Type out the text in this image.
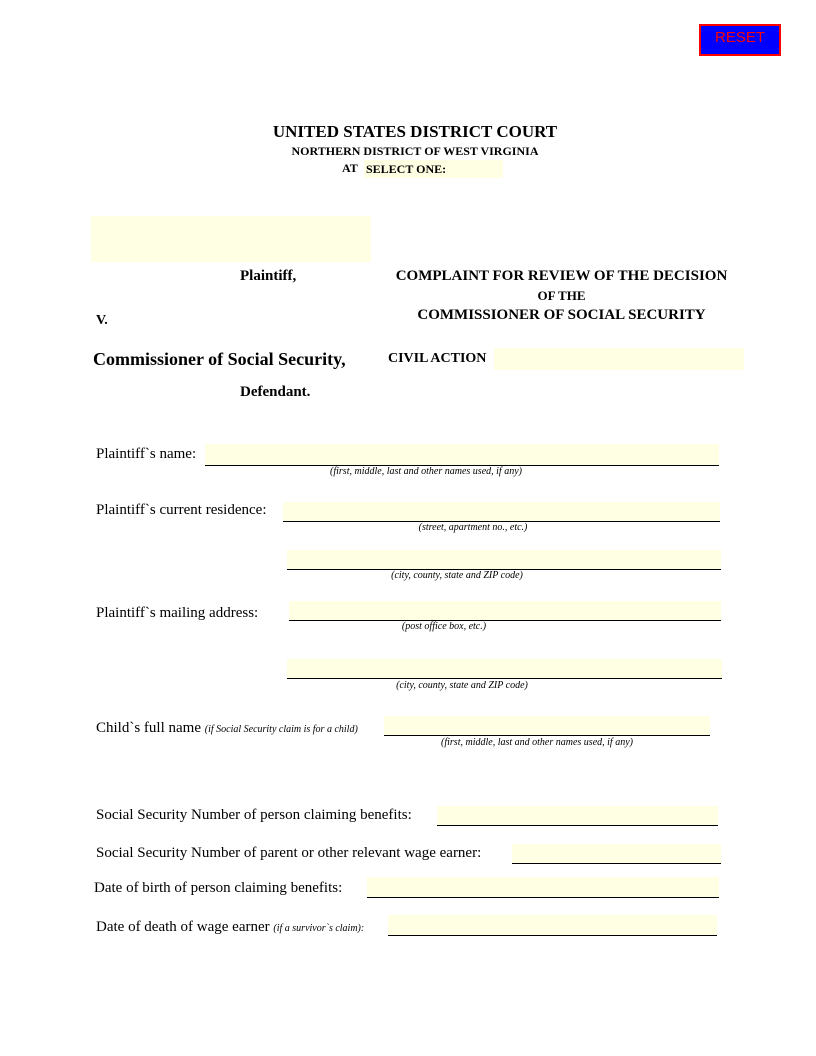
RESET
UNITED STATES DISTRICT COURT
NORTHERN DISTRICT OF WEST VIRGINIA
AT SELECT ONE:
Plaintiff,	COMPLAINT FOR REVIEW OF THE DECISION
OF THE
COMMISSIONER OF SOCIAL SECURITY
V.
Commissioner of Social Security,	CIVIL ACTION
Defendant.
Plaintiff`s name:
(first, middle, last and other names used, if any)
Plaintiff`s current residence:
(street, apartment no., etc.)
(city, county, state and ZIP code)
Plaintiff`s mailing address:
(post office box, etc.)
(city, county, state and ZIP code)
Child`s full name (if Social Security claim is for a child)
(first, middle, last and other names used, if any)
Social Security Number of person claiming benefits:
Social Security Number of parent or other relevant wage earner:
Date of birth of person claiming benefits:
Date of death of wage earner (if a survivor`s claim):
